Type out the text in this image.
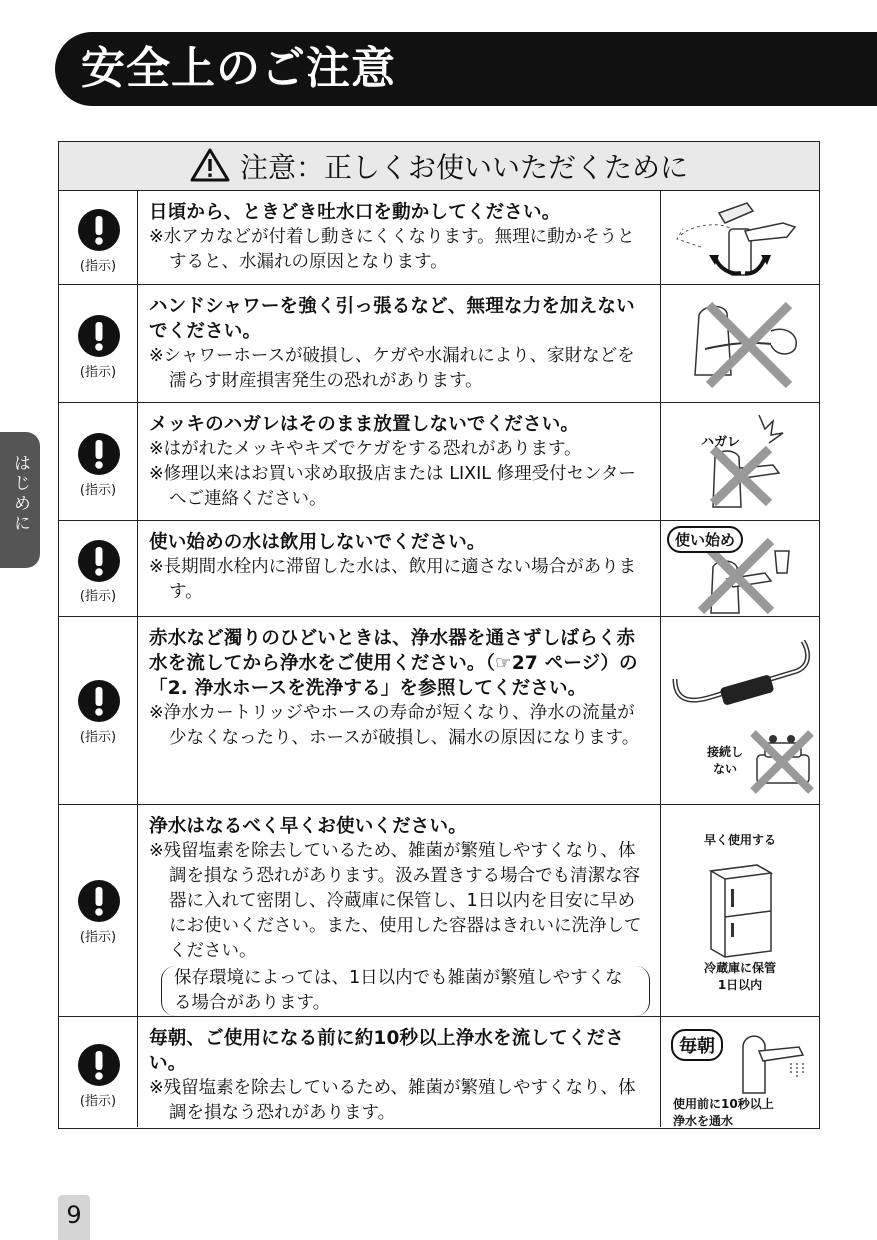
安全上のご注意
はじめに
注意：正しくお使いいただくために
(指示)
日頃から、ときどき吐水口を動かしてください。
※水アカなどが付着し動きにくくなります。無理に動かそうとすると、水漏れの原因となります。
(指示)
ハンドシャワーを強く引っ張るなど、無理な力を加えないでください。
※シャワーホースが破損し、ケガや水漏れにより、家財などを濡らす財産損害発生の恐れがあります。
(指示)
メッキのハガレはそのまま放置しないでください。
※はがれたメッキやキズでケガをする恐れがあります。
※修理以来はお買い求め取扱店または LIXIL 修理受付センターへご連絡ください。
ハガレ
(指示)
使い始めの水は飲用しないでください。
※長期間水栓内に滞留した水は、飲用に適さない場合があります。
使い始め
(指示)
赤水など濁りのひどいときは、浄水器を通さずしばらく赤水を流してから浄水をご使用ください。（☞27 ページ）の「2. 浄水ホースを洗浄する」を参照してください。
※浄水カートリッジやホースの寿命が短くなり、浄水の流量が少なくなったり、ホースが破損し、漏水の原因になります。
接続しない
(指示)
浄水はなるべく早くお使いください。
※残留塩素を除去しているため、雑菌が繁殖しやすくなり、体調を損なう恐れがあります。汲み置きする場合でも清潔な容器に入れて密閉し、冷蔵庫に保管し、1日以内を目安に早めにお使いください。また、使用した容器はきれいに洗浄してください。
保存環境によっては、1日以内でも雑菌が繁殖しやすくなる場合があります。
早く使用する
冷蔵庫に保管 1日以内
(指示)
毎朝、ご使用になる前に約10秒以上浄水を流してください。
※残留塩素を除去しているため、雑菌が繁殖しやすくなり、体調を損なう恐れがあります。
毎朝
使用前に10秒以上浄水を通水
9
